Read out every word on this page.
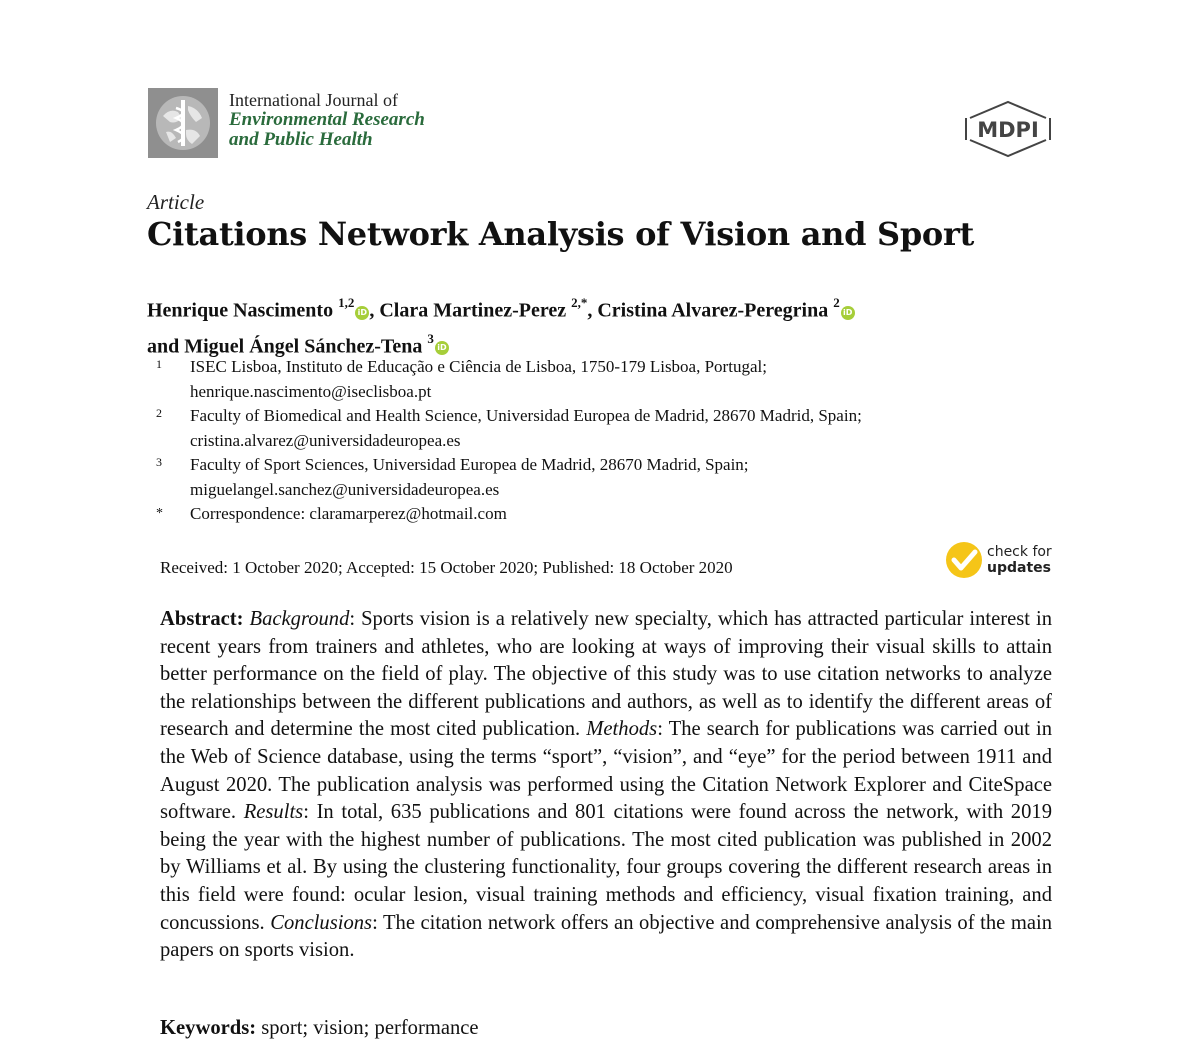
International Journal of
Environmental Research
and Public Health	MDPI
Article
Citations Network Analysis of Vision and Sport
Henrique Nascimento $^{1,2}$iD , Clara Martinez-Perez $^{2,*}$, Cristina Alvarez-Peregrina $^2$iD
and Miguel Ángel Sánchez-Tena $^3$iD
1 ISEC Lisboa, Instituto de Educação e Ciência de Lisboa, 1750-179 Lisboa, Portugal;
henrique.nascimento@iseclisboa.pt
2 Faculty of Biomedical and Health Science, Universidad Europea de Madrid, 28670 Madrid, Spain;
cristina.alvarez@universidadeuropea.es
3 Faculty of Sport Sciences, Universidad Europea de Madrid, 28670 Madrid, Spain;
miguelangel.sanchez@universidadeuropea.es
* Correspondence: claramarperez@hotmail.com
Received: 1 October 2020; Accepted: 15 October 2020; Published: 18 October 2020
check for
updates
Abstract: Background: Sports vision is a relatively new specialty, which has attracted particular interest in recent years from trainers and athletes, who are looking at ways of improving their visual skills to attain better performance on the field of play. The objective of this study was to use citation networks to analyze the relationships between the different publications and authors, as well as to identify the different areas of research and determine the most cited publication. Methods: The search for publications was carried out in the Web of Science database, using the terms “sport”, “vision”, and “eye” for the period between 1911 and August 2020. The publication analysis was performed using the Citation Network Explorer and CiteSpace software. Results: In total, 635 publications and 801 citations were found across the network, with 2019 being the year with the highest number of publications. The most cited publication was published in 2002 by Williams et al. By using the clustering functionality, four groups covering the different research areas in this field were found: ocular lesion, visual training methods and efficiency, visual fixation training, and concussions. Conclusions: The citation network offers an objective and comprehensive analysis of the main papers on sports vision.
Keywords: sport; vision; performance
